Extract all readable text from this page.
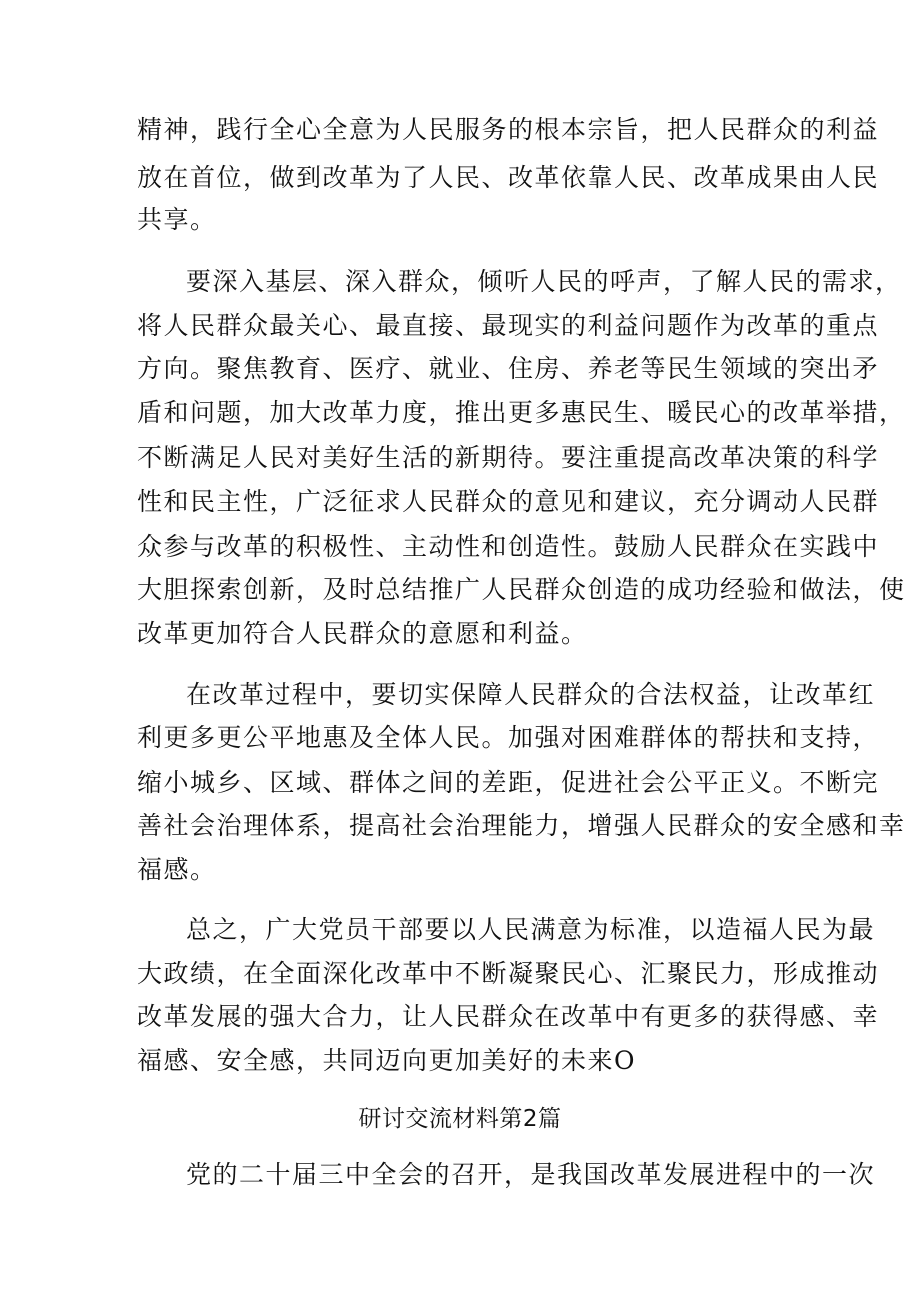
精神，践行全心全意为人民服务的根本宗旨，把人民群众的利益
放在首位，做到改革为了人民、改革依靠人民、改革成果由人民
共享。
要深入基层、深入群众，倾听人民的呼声，了解人民的需求，
将人民群众最关心、最直接、最现实的利益问题作为改革的重点
方向。聚焦教育、医疗、就业、住房、养老等民生领域的突出矛
盾和问题，加大改革力度，推出更多惠民生、暖民心的改革举措，
不断满足人民对美好生活的新期待。要注重提高改革决策的科学
性和民主性，广泛征求人民群众的意见和建议，充分调动人民群
众参与改革的积极性、主动性和创造性。鼓励人民群众在实践中
大胆探索创新，及时总结推广人民群众创造的成功经验和做法，使
改革更加符合人民群众的意愿和利益。
在改革过程中，要切实保障人民群众的合法权益，让改革红
利更多更公平地惠及全体人民。加强对困难群体的帮扶和支持，
缩小城乡、区域、群体之间的差距，促进社会公平正义。不断完
善社会治理体系，提高社会治理能力，增强人民群众的安全感和幸
福感。
总之，广大党员干部要以人民满意为标准，以造福人民为最
大政绩，在全面深化改革中不断凝聚民心、汇聚民力，形成推动
改革发展的强大合力，让人民群众在改革中有更多的获得感、幸
福感、安全感，共同迈向更加美好的未来O
研讨交流材料第2篇
党的二十届三中全会的召开，是我国改革发展进程中的一次
